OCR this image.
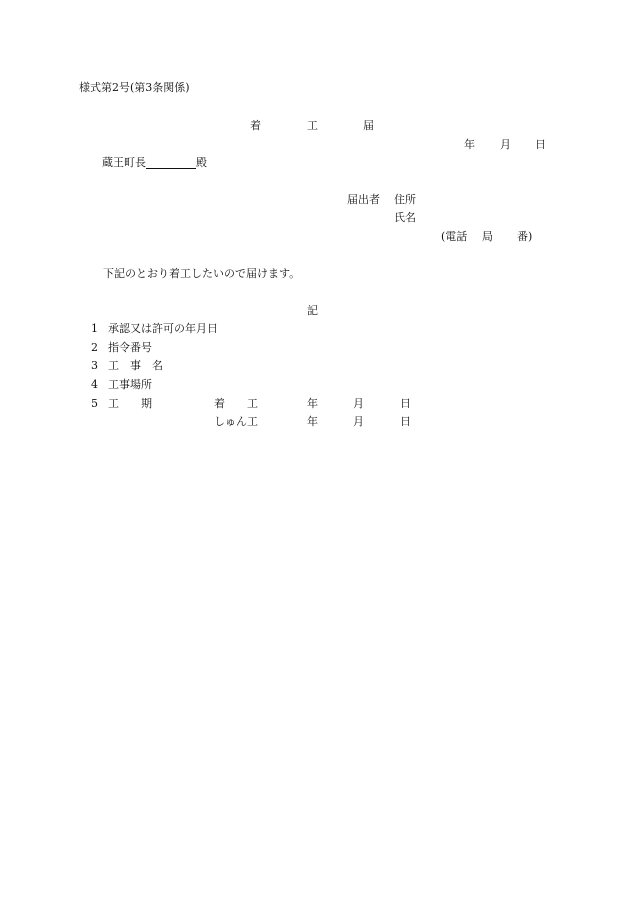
様式第2号(第3条関係)
着	工	届
年 月 日
蔵王町長	殿
届出者 住所
氏名
(電話 局 番)
下記のとおり着工したいので届けます。
記
1 承認又は許可の年月日
2 指令番号
3 工　事　名
4 工事場所
5 工　　期	着　　工	年	月	日
しゅん工	年	月	日
